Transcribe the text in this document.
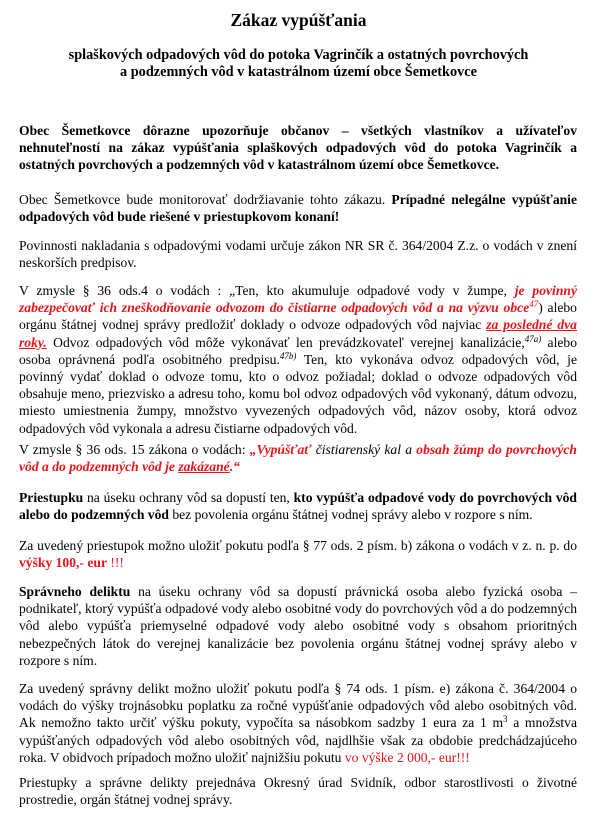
Zákaz vypúšťania
splaškových odpadových vôd do potoka Vagrinčík a ostatných povrchových
a podzemných vôd v katastrálnom území obce Šemetkovce
Obec Šemetkovce dôrazne upozorňuje občanov – všetkých vlastníkov a užívateľov nehnuteľností na zákaz vypúšťania splaškových odpadových vôd do potoka Vagrinčík a ostatných povrchových a podzemných vôd v katastrálnom území obce Šemetkovce.
Obec Šemetkovce bude monitorovať dodržiavanie tohto zákazu. Prípadné nelegálne vypúšťanie odpadových vôd bude riešené v priestupkovom konaní!
Povinnosti nakladania s odpadovými vodami určuje zákon NR SR č. 364/2004 Z.z. o vodách v znení neskorších predpisov.
V zmysle § 36 ods.4 o vodách : „Ten, kto akumuluje odpadové vody v žumpe, je povinný zabezpečovať ich zneškodňovanie odvozom do čistiarne odpadových vôd a na výzvu obce$^{47}$) alebo orgánu štátnej vodnej správy predložiť doklady o odvoze odpadových vôd najviac za posledné dva roky. Odvoz odpadových vôd môže vykonávať len prevádzkovateľ verejnej kanalizácie,$^{47a)}$ alebo osoba oprávnená podľa osobitného predpisu.$^{47b)}$ Ten, kto vykonáva odvoz odpadových vôd, je povinný vydať doklad o odvoze tomu, kto o odvoz požiadal; doklad o odvoze odpadových vôd obsahuje meno, priezvisko a adresu toho, komu bol odvoz odpadových vôd vykonaný, dátum odvozu, miesto umiestnenia žumpy, množstvo vyvezených odpadových vôd, názov osoby, ktorá odvoz odpadových vôd vykonala a adresu čistiarne odpadových vôd.
V zmysle § 36 ods. 15 zákona o vodách: „Vypúšťať čistiarenský kal a obsah žúmp do povrchových vôd a do podzemných vôd je zakázané.“
Priestupku na úseku ochrany vôd sa dopustí ten, kto vypúšťa odpadové vody do povrchových vôd alebo do podzemných vôd bez povolenia orgánu štátnej vodnej správy alebo v rozpore s ním.
Za uvedený priestupok možno uložiť pokutu podľa § 77 ods. 2 písm. b) zákona o vodách v z. n. p. do výšky 100,- eur !!!
Správneho deliktu na úseku ochrany vôd sa dopustí právnická osoba alebo fyzická osoba – podnikateľ, ktorý vypúšťa odpadové vody alebo osobitné vody do povrchových vôd a do podzemných vôd alebo vypúšťa priemyselné odpadové vody alebo osobitné vody s obsahom prioritných nebezpečných látok do verejnej kanalizácie bez povolenia orgánu štátnej vodnej správy alebo v rozpore s ním.
Za uvedený správny delikt možno uložiť pokutu podľa § 74 ods. 1 písm. e) zákona č. 364/2004 o vodách do výšky trojnásobku poplatku za ročné vypúšťanie odpadových vôd alebo osobitných vôd. Ak nemožno takto určiť výšku pokuty, vypočíta sa násobkom sadzby 1 eura za 1 $m^3$ a množstva vypúšťaných odpadových vôd alebo osobitných vôd, najdlhšie však za obdobie predchádzajúceho roka. V obidvoch prípadoch možno uložiť najnižšiu pokutu vo výške 2 000,- eur!!!
Priestupky a správne delikty prejednáva Okresný úrad Svidník, odbor starostlivosti o životné prostredie, orgán štátnej vodnej správy.
